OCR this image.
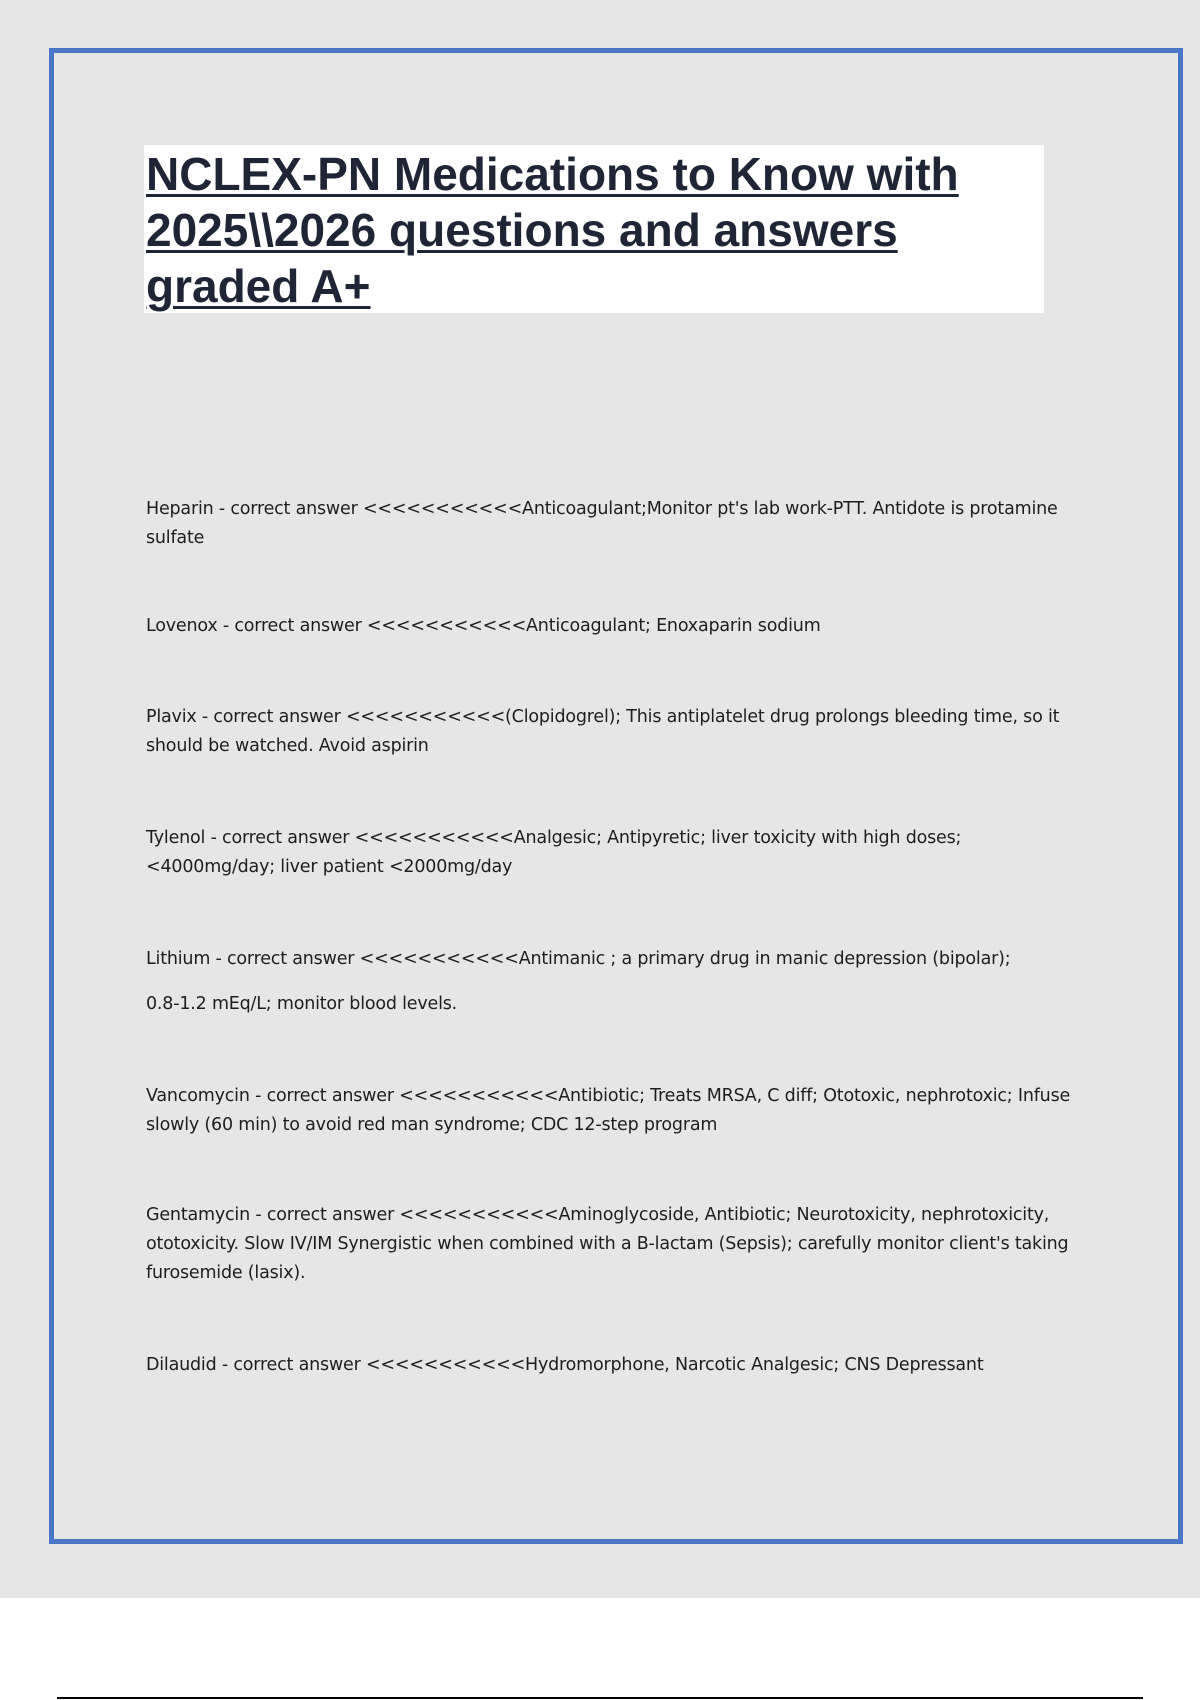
NCLEX-PN Medications to Know with 2025\\2026 questions and answers graded A+

Heparin - correct answer <<<<<<<<<<<Anticoagulant;Monitor pt's lab work-PTT. Antidote is protamine sulfate

Lovenox - correct answer <<<<<<<<<<<Anticoagulant; Enoxaparin sodium

Plavix - correct answer <<<<<<<<<<<(Clopidogrel); This antiplatelet drug prolongs bleeding time, so it should be watched. Avoid aspirin

Tylenol - correct answer <<<<<<<<<<<Analgesic; Antipyretic; liver toxicity with high doses; <4000mg/day; liver patient <2000mg/day

Lithium - correct answer <<<<<<<<<<<Antimanic ; a primary drug in manic depression (bipolar);

0.8-1.2 mEq/L; monitor blood levels.

Vancomycin - correct answer <<<<<<<<<<<Antibiotic; Treats MRSA, C diff; Ototoxic, nephrotoxic; Infuse slowly (60 min) to avoid red man syndrome; CDC 12-step program

Gentamycin - correct answer <<<<<<<<<<<Aminoglycoside, Antibiotic; Neurotoxicity, nephrotoxicity, ototoxicity. Slow IV/IM Synergistic when combined with a B-lactam (Sepsis); carefully monitor client's taking furosemide (lasix).

Dilaudid - correct answer <<<<<<<<<<<Hydromorphone, Narcotic Analgesic; CNS Depressant
